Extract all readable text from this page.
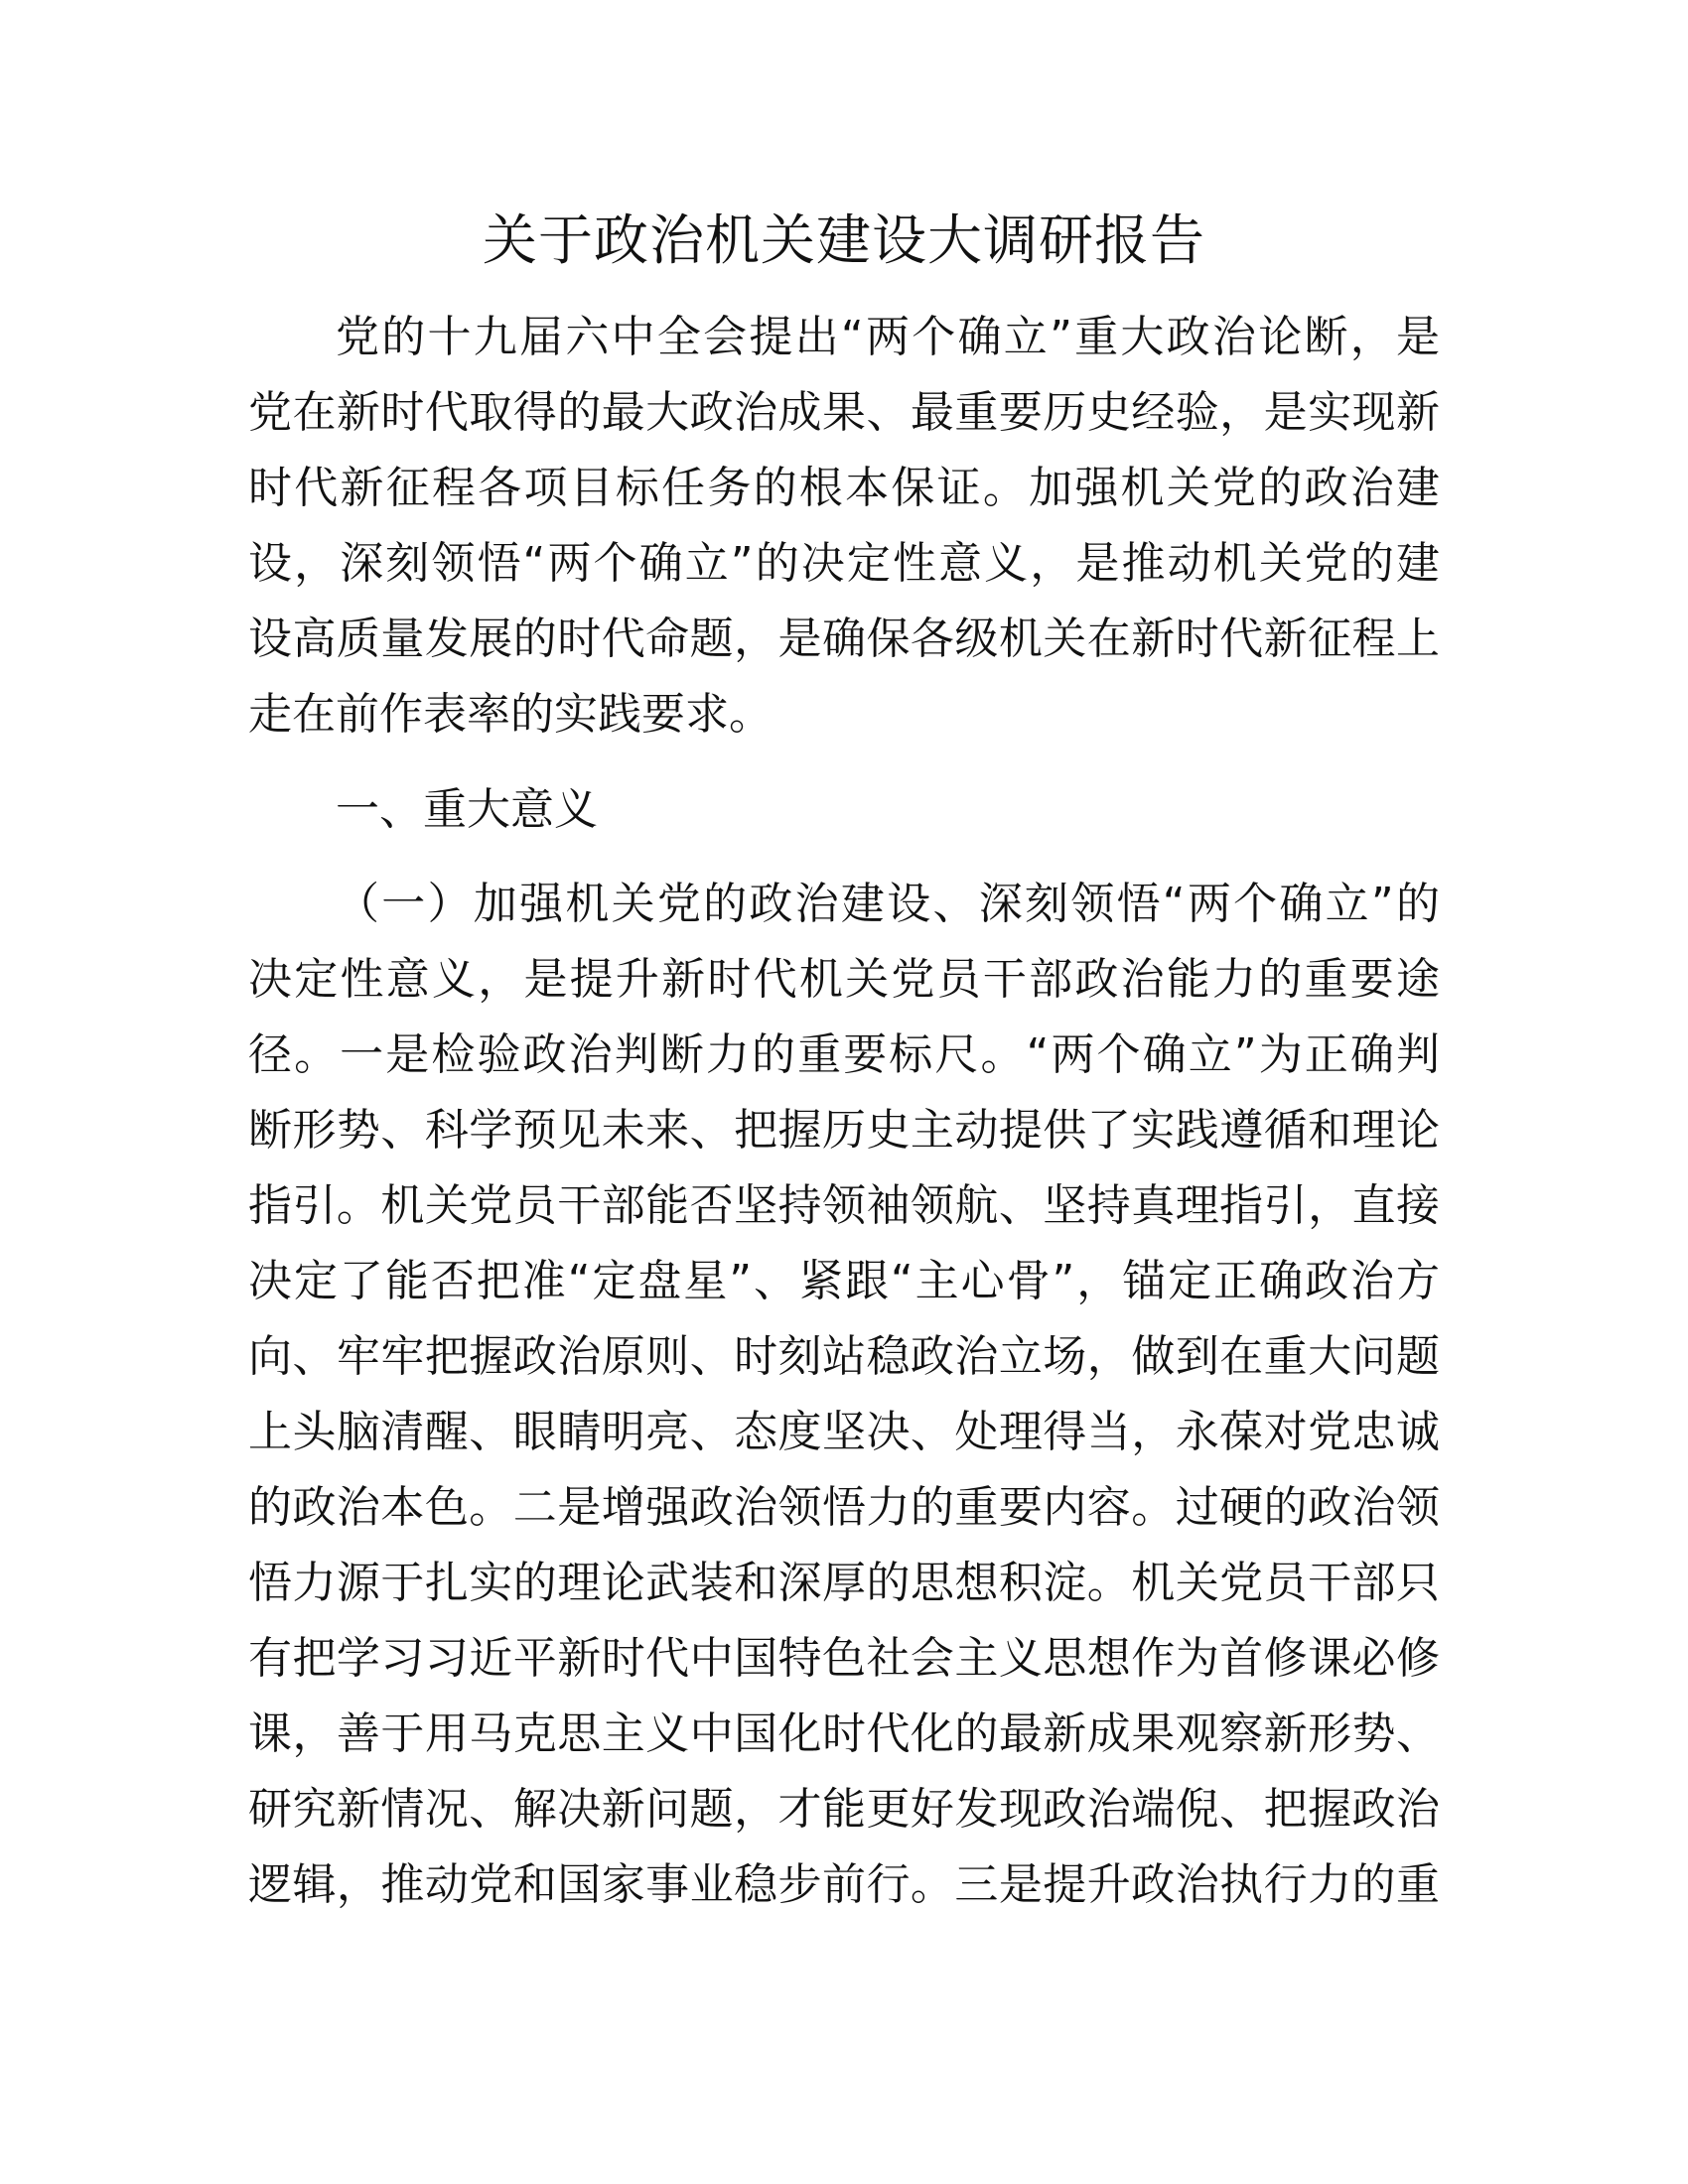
关于政治机关建设大调研报告

党的十九届六中全会提出“两个确立”重大政治论断，是

党在新时代取得的最大政治成果、最重要历史经验，是实现新

时代新征程各项目标任务的根本保证。加强机关党的政治建

设，深刻领悟“两个确立”的决定性意义，是推动机关党的建

设高质量发展的时代命题，是确保各级机关在新时代新征程上

走在前作表率的实践要求。

一、重大意义

（一）加强机关党的政治建设、深刻领悟“两个确立”的

决定性意义，是提升新时代机关党员干部政治能力的重要途

径。一是检验政治判断力的重要标尺。“两个确立”为正确判

断形势、科学预见未来、把握历史主动提供了实践遵循和理论

指引。机关党员干部能否坚持领袖领航、坚持真理指引，直接

决定了能否把准“定盘星”、紧跟“主心骨”，锚定正确政治方

向、牢牢把握政治原则、时刻站稳政治立场，做到在重大问题

上头脑清醒、眼睛明亮、态度坚决、处理得当，永葆对党忠诚

的政治本色。二是增强政治领悟力的重要内容。过硬的政治领

悟力源于扎实的理论武装和深厚的思想积淀。机关党员干部只

有把学习习近平新时代中国特色社会主义思想作为首修课必修

课，善于用马克思主义中国化时代化的最新成果观察新形势、

研究新情况、解决新问题，才能更好发现政治端倪、把握政治

逻辑，推动党和国家事业稳步前行。三是提升政治执行力的重
